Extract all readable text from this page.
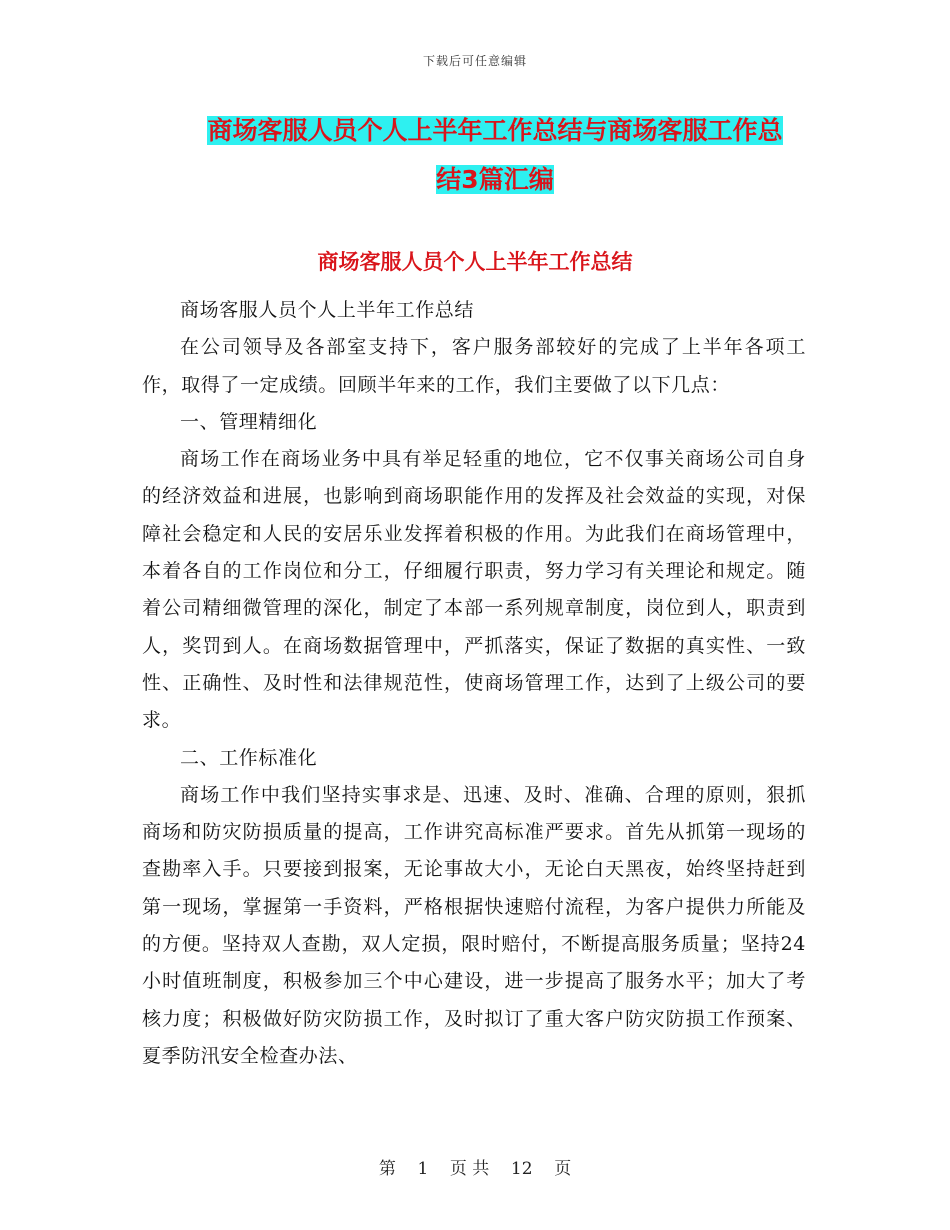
下载后可任意编辑
商场客服人员个人上半年工作总结与商场客服工作总
结3篇汇编
商场客服人员个人上半年工作总结

商场客服人员个人上半年工作总结

在公司领导及各部室支持下，客户服务部较好的完成了上半年各项工作，取得了一定成绩。回顾半年来的工作，我们主要做了以下几点：

一、管理精细化

商场工作在商场业务中具有举足轻重的地位，它不仅事关商场公司自身的经济效益和进展，也影响到商场职能作用的发挥及社会效益的实现，对保障社会稳定和人民的安居乐业发挥着积极的作用。为此我们在商场管理中，本着各自的工作岗位和分工，仔细履行职责，努力学习有关理论和规定。随着公司精细微管理的深化，制定了本部一系列规章制度，岗位到人，职责到人，奖罚到人。在商场数据管理中，严抓落实，保证了数据的真实性、一致性、正确性、及时性和法律规范性，使商场管理工作，达到了上级公司的要求。

二、工作标准化

商场工作中我们坚持实事求是、迅速、及时、准确、合理的原则，狠抓商场和防灾防损质量的提高，工作讲究高标准严要求。首先从抓第一现场的查勘率入手。只要接到报案，无论事故大小，无论白天黑夜，始终坚持赶到第一现场，掌握第一手资料，严格根据快速赔付流程，为客户提供力所能及的方便。坚持双人查勘，双人定损，限时赔付，不断提高服务质量；坚持24小时值班制度，积极参加三个中心建设，进一步提高了服务水平；加大了考核力度；积极做好防灾防损工作，及时拟订了重大客户防灾防损工作预案、夏季防汛安全检查办法、

第 1 页 共 12 页
